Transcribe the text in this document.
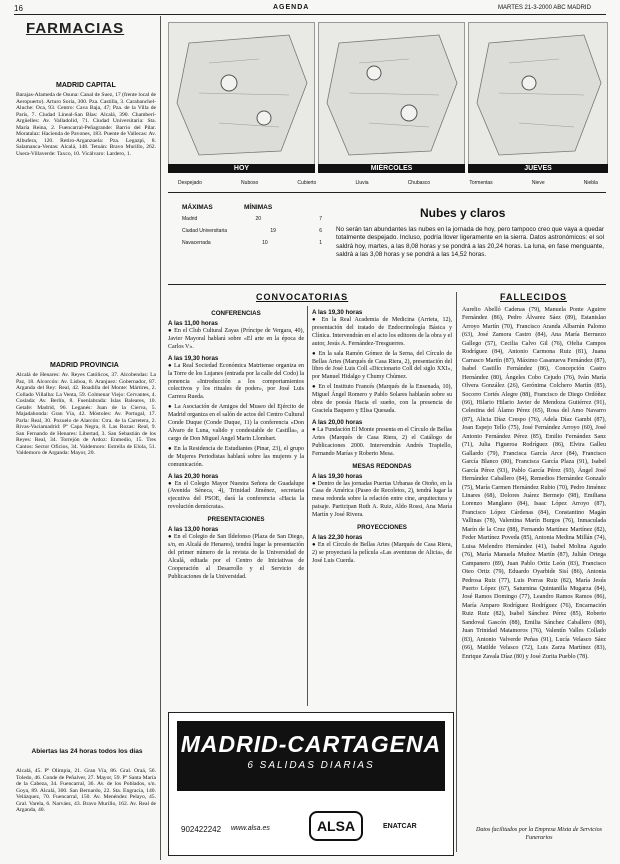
16	AGENDA	MARTES 21-3-2000 ABC MADRID
FARMACIAS
MADRID CAPITAL
Barajas-Alameda de Osuna: Canal de Suez, 17 (frente local de Aeropuerto). Arturo Soria, 300. Pza. Castilla, 3. Carabanchel-Aluche: Oca, 93. Centro: Cava Baja, 47; Pza. de la Villa de París, 7. Ciudad Lineal-San Blas: Alcalá, 390. Chamberí-Argüelles: Av. Valladolid, 71. Ciudad Universitaria: Sta. María Reina, 2. Fuencarral-Peñagrande: Barrio del Pilar. Moratalaz: Hacienda de Pavones, 183. Puente de Vallecas: Av. Albufera, 120. Retiro-Arganzuela: Pza. Legazpi, 8. Salamanca-Ventas: Alcalá, 148. Tetuán: Bravo Murillo, 262. Usera-Villaverde: Taxco, 10. Vicálvaro: Lardero, 1.
MADRID PROVINCIA
Alcalá de Henares: Av. Reyes Católicos, 37. Alcobendas: La Paz, 18. Alcorcón: Av. Lisboa, 8. Aranjuez: Gobernador, 87. Arganda del Rey: Real, 42. Boadilla del Monte: Mártires, 2. Collado Villalba: La Venta, 59. Colmenar Viejo: Cervantes, 4. Coslada: Av. Berlín, 8. Fuenlabrada: Islas Baleares, 10. Getafe: Madrid, 96. Leganés: Juan de la Cierva, 5. Majadahonda: Gran Vía, 42. Móstoles: Av. Portugal, 17. Parla: Real, 30. Pozuelo de Alarcón: Ctra. de la Carretera, 2. Rivas-Vaciamadrid: Pº Capa Negra, 8. Las Rozas: Real, 9. San Fernando de Henares: Libertad, 3. San Sebastián de los Reyes: Real, 34. Torrejón de Ardoz: Enmedio, 15. Tres Cantos: Sector Oficios, 34. Valdemoro: Estrella de Elola, 51. Valdemoro de Arganda: Mayor, 20.
Abiertas las 24 horas todos los días
Alcalá, 45. Pº Olimpia, 21. Gran Vía, 86. Gral. Oraá, 56. Toledo, 46. Conde de Peñalver, 27. Mayor, 59. Pº Santa María de la Cabeza, 34. Fuencarral, 36. Av. de los Poblados, s/n. Goya, 89. Alcalá, 300. San Bernardo, 22. Sta. Engracia, 140. Velázquez, 70. Fuencarral, 150. Av. Menéndez Pelayo, 45. Gral. Varela, 6. Narváez, 43. Bravo Murillo, 162. Av. Real de Arganda, 40.
HOY	MIÉRCOLES	JUEVES
Despejado	Nuboso	Cubierto	Lluvia	Chubasco	Tormentas	Nieve	Niebla
MÁXIMAS	MÍNIMAS
Madrid	20	7
Ciudad Universitaria	19	6
Navacerrada	10	1
Nubes y claros
No serán tan abundantes las nubes en la jornada de hoy, pero tampoco creo que vaya a quedar totalmente despejado. Incluso, podría llover ligeramente en la sierra. Datos astronómicos: el sol saldrá hoy, martes, a las 8,08 horas y se pondrá a las 20,24 horas. La luna, en fase menguante, saldrá a las 3,08 horas y se pondrá a las 14,52 horas.
CONVOCATORIAS
CONFERENCIAS
A las 11,00 horas
● En el Club Cultural Zayas (Príncipe de Vergara, 40), Javier Mayoral hablará sobre «El arte en la época de Carlos V».
A las 19,30 horas
● La Real Sociedad Económica Matritense organiza en la Torre de los Lujanes (entrada por la calle del Codo) la ponencia «Introducción a los comportamientos colectivos y los rituales de poder», por José Luis Carrera Rueda.
● La Asociación de Amigos del Museo del Ejército de Madrid organiza en el salón de actos del Centro Cultural Conde Duque (Conde Duque, 11) la conferencia «Don Alvaro de Luna, valido y condestable de Castilla», a cargo de Don Miguel Angel Marin Llombart.
● En la Residencia de Estudiantes (Pinar, 23), el grupo de Mujeres Periodistas hablará sobre las mujeres y la comunicación.
A las 20,30 horas
● En el Colegio Mayor Nuestra Señora de Guadalupe (Avenida Séneca, 4), Trinidad Jiménez, secretaria ejecutiva del PSOE, dará la conferencia «Hacia la revolución demócrata».
PRESENTACIONES
A las 13,00 horas
● En el Colegio de San Ildefonso (Plaza de San Diego, s/n, en Alcalá de Henares), tendrá lugar la presentación del primer número de la revista de la Universidad de Alcalá, editada por el Centro de Iniciativas de Cooperación al Desarrollo y el Servicio de Publicaciones de la Universidad.
A las 19,30 horas
● En la Real Academia de Medicina (Arrieta, 12), presentación del tratado de Endocrinología Básica y Clínica. Intervendrán en el acto los editores de la obra y el autor, Jesús A. Fernández-Tresguerres.
● En la sala Ramón Gómez de la Serna, del Círculo de Bellas Artes (Marqués de Casa Riera, 2), presentación del libro de José Luis Coll «Diccionario Coll del siglo XXI», por Manuel Hidalgo y Chumy Chúmez.
● En el Instituto Francés (Marqués de la Ensenada, 10), Miguel Ángel Romero y Pablo Solares hablarán sobre su obra de poesía Hacia el sueño, con la presencia de Graciela Baquero y Elisa Quesada.
A las 20,00 horas
● La Fundación El Monte presenta en el Círculo de Bellas Artes (Marqués de Casa Riera, 2) el Catálogo de Publicaciones 2000. Intervendrán Andrés Trapiello, Fernando Marías y Roberto Mesa.
MESAS REDONDAS
A las 19,30 horas
● Dentro de las jornadas Puertas Urbanas de Otoño, en la Casa de América (Paseo de Recoletos, 2), tendrá lugar la mesa redonda sobre la relación entre cine, arquitectura y paisaje. Participan Ruth A. Ruiz, Aldo Rossi, Ana María Martín y José Rivera.
PROYECCIONES
A las 22,30 horas
● En el Círculo de Bellas Artes (Marqués de Casa Riera, 2) se proyectará la película «Las aventuras de Alicia», de José Luis Cuerda.
FALLECIDOS
Aurelio Abelló Cadenas (79), Manuela Ponte Aguirre Fernández (86), Pedro Álvarez Sáez (89), Estanislao Arroyo Martín (70), Francisco Aranda Albarrán Palomo (63), José Zamora Castro (84), Ana María Berruezo Gallego (57), Cecilia Calvo Gil (76), Ofelia Campos Rodríguez (84), Antonio Carmona Ruiz (81), Juana Carrasco Martín (87), Máximo Casanueva Fernández (87), Isabel Castillo Fernández (86), Concepción Castro Hernández (80), Ángeles Cobo Cejudo (76), Iván María Olvera González (26), Gerónima Colchero Martín (85), Socorro Cortés Alegre (88), Francisco de Diego Ordóñez (66), Hilario Hilario Javier de Mendoza Gutiérrez (91), Celestina del Álamo Pérez (65), Rosa del Amo Navarro (87), Alicia Díaz Crespo (76), Adela Díaz Gambi (87), Joan Espejo Tello (75), José Fernández Arroyo (60), José Antonio Fernández Pérez (85), Emilio Fernández Sanz (71), Julia Figueroa Rodríguez (86), Elvira Galleu Gallardo (79), Francisca García Arce (84), Francisco García Blanco (80), Francisca García Plaza (91), Isabel García Pérez (93), Pablo García Pérez (93), Ángel José Hernández Caballero (84), Remedios Hernández Gonzalo (75), María Carmen Hernández Rubio (70), Pedro Jiménez Linares (68), Dolores Juárez Bermejo (98), Emiliana Lorenzo Manglano (84), Isaac López Arroyo (87), Francisco López Cárdenas (84), Constantino Magán Vallinas (78), Valentina Marín Burgos (76), Inmaculada Marín de la Cruz (88), Fernando Martínez Martínez (82), Feder Martínez Poveda (85), Antonia Medina Millán (74), Luisa Melendro Hernández (41), Isabel Molina Agudo (76), María Manuela Muñoz Martín (87), Julián Ortega Campanero (89), Juan Pablo Ortiz León (83), Francisco Oteo Ortiz (79), Eduardo Oyarbide Sisí (86), Antonia Pedrosa Ruiz (77), Luis Porras Ruiz (82), María Jesús Puerto López (67), Saturnina Quintanilla Mugarza (84), José Ramos Domingo (77), Leandro Ramos Ramos (86), María Amparo Rodríguez Rodríguez (76), Encarnación Ruiz Ruiz (82), Isabel Sánchez Pérez (85), Roberto Sandoval Gascón (88), Emilia Sánchez Caballero (80), Juan Trinidad Matamoros (76), Valentín Valles Collado (83), Antonio Valverde Peñas (91), Lucía Velasco Sáez (66), Matilde Velasco (72), Luis Zarza Martínez (83), Enrique Zavala Díaz (80) y José Zurita Pueblo (78).
Datos facilitados por la Empresa Mixta de Servicios Funerarios
MADRID-CARTAGENA
6 SALIDAS DIARIAS
902422242 www.alsa.es	ALSA	ENATCAR
